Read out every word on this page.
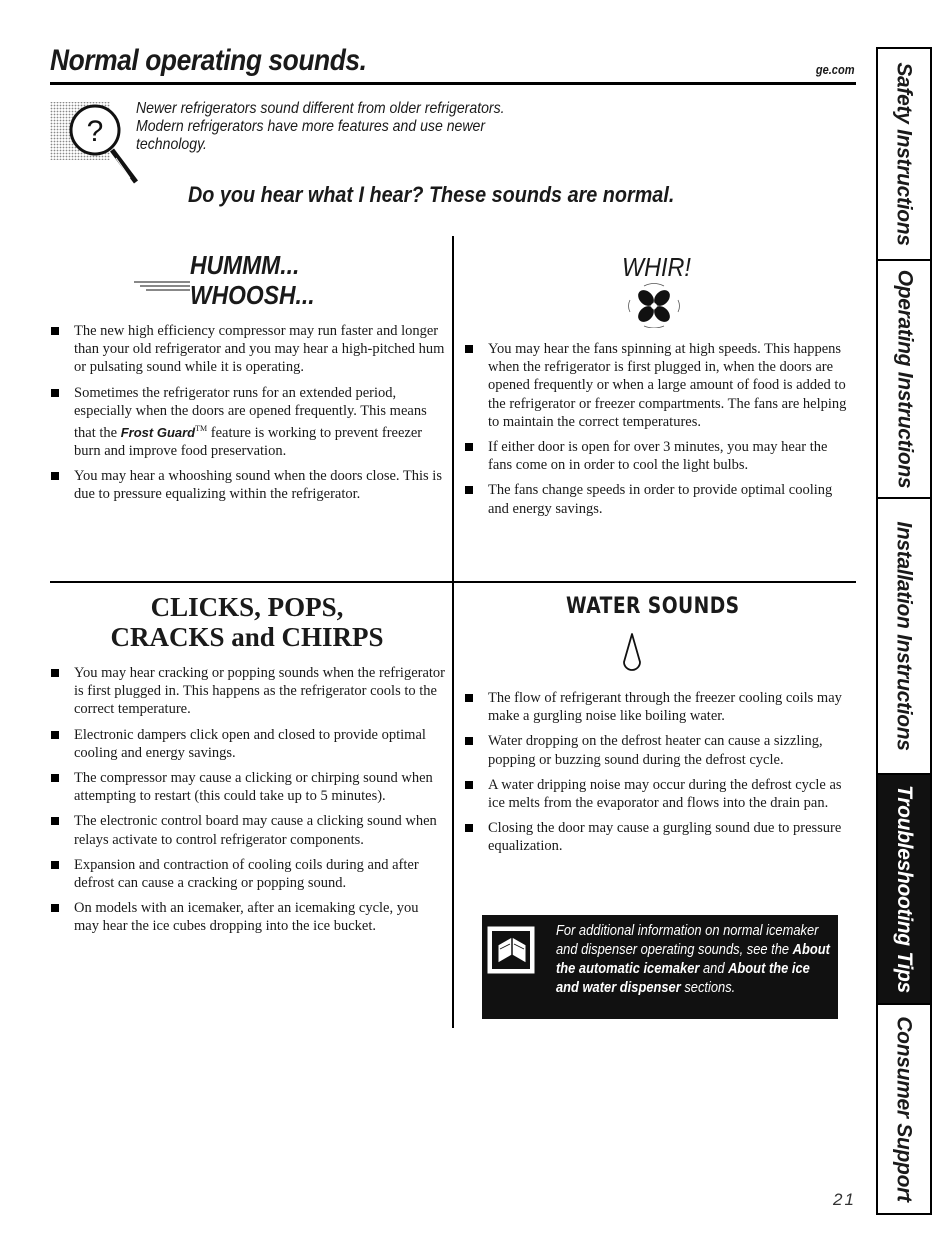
Normal operating sounds.	ge.com
?

Newer refrigerators sound different from older refrigerators.

Modern refrigerators have more features and use newer

technology.

Do you hear what I hear? These sounds are normal.
HUMMM...
WHOOSH...
The new high efficiency compressor may run faster and longer than your old refrigerator and you may hear a high-pitched hum or pulsating sound while it is operating.
Sometimes the refrigerator runs for an extended period, especially when the doors are opened frequently. This means that the Frost Guard™ feature is working to prevent freezer burn and improve food preservation.
You may hear a whooshing sound when the doors close. This is due to pressure equalizing within the refrigerator.
WHIR!
You may hear the fans spinning at high speeds. This happens when the refrigerator is first plugged in, when the doors are opened frequently or when a large amount of food is added to the refrigerator or freezer compartments. The fans are helping to maintain the correct temperatures.
If either door is open for over 3 minutes, you may hear the fans come on in order to cool the light bulbs.
The fans change speeds in order to provide optimal cooling and energy savings.
CLICKS, POPS,
CRACKS and CHIRPS
You may hear cracking or popping sounds when the refrigerator is first plugged in. This happens as the refrigerator cools to the correct temperature.
Electronic dampers click open and closed to provide optimal cooling and energy savings.
The compressor may cause a clicking or chirping sound when attempting to restart (this could take up to 5 minutes).
The electronic control board may cause a clicking sound when relays activate to control refrigerator components.
Expansion and contraction of cooling coils during and after defrost can cause a cracking or popping sound.
On models with an icemaker, after an icemaking cycle, you may hear the ice cubes dropping into the ice bucket.
WATER SOUNDS
The flow of refrigerant through the freezer cooling coils may make a gurgling noise like boiling water.
Water dropping on the defrost heater can cause a sizzling, popping or buzzing sound during the defrost cycle.
A water dripping noise may occur during the defrost cycle as ice melts from the evaporator and flows into the drain pan.
Closing the door may cause a gurgling sound due to pressure equalization.
For additional information on normal icemaker and dispenser operating sounds, see the About the automatic icemaker and About the ice and water dispenser sections.
Safety Instructions
Operating Instructions
Installation Instructions
Troubleshooting Tips
Consumer Support
21
